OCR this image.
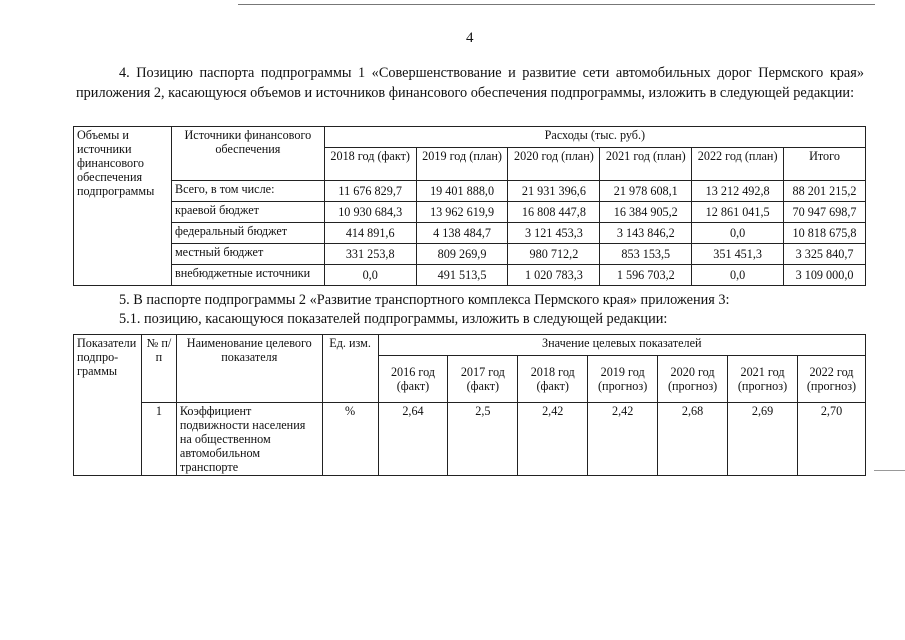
4
4. Позицию паспорта подпрограммы 1 «Совершенствование и развитие сети автомобильных дорог Пермского края» приложения 2, касающуюся объемов и источников финансового обеспечения подпрограммы, изложить в следующей редакции:
Объемы и источники финансового обеспечения подпрограммы	Источники финансового обеспечения	Расходы (тыс. руб.)					
		2018 год (факт)	2019 год (план)	2020 год (план)	2021 год (план)	2022 год (план)	Итого
	Всего, в том числе:	11 676 829,7	19 401 888,0	21 931 396,6	21 978 608,1	13 212 492,8	88 201 215,2
	краевой бюджет	10 930 684,3	13 962 619,9	16 808 447,8	16 384 905,2	12 861 041,5	70 947 698,7
	федеральный бюджет	414 891,6	4 138 484,7	3 121 453,3	3 143 846,2	0,0	10 818 675,8
	местный бюджет	331 253,8	809 269,9	980 712,2	853 153,5	351 451,3	3 325 840,7
	внебюджетные источники	0,0	491 513,5	1 020 783,3	1 596 703,2	0,0	3 109 000,0
5. В паспорте подпрограммы 2 «Развитие транспортного комплекса Пермского края» приложения 3:
5.1. позицию, касающуюся показателей подпрограммы, изложить в следующей редакции:
Показатели подпро-граммы	№ п/п	Наименование целевого показателя	Ед. изм.	Значение целевых показателей						
				2016 год (факт)	2017 год (факт)	2018 год (факт)	2019 год (прогноз)	2020 год (прогноз)	2021 год (прогноз)	2022 год (прогноз)
	1	Коэффициент подвижности населения на общественном автомобильном транспорте	%	2,64	2,5	2,42	2,42	2,68	2,69	2,70
